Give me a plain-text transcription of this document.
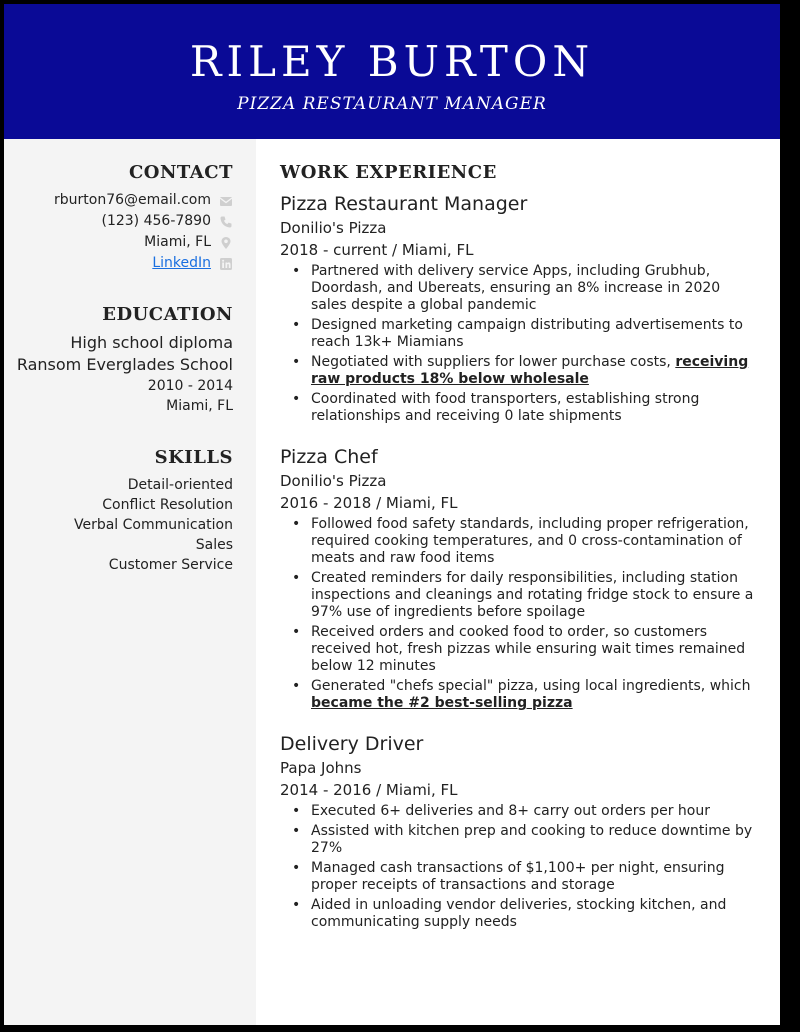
RILEY BURTON
PIZZA RESTAURANT MANAGER
CONTACT
rburton76@email.com
(123) 456-7890
Miami, FL
LinkedIn
EDUCATION
High school diploma
Ransom Everglades School
2010 - 2014
Miami, FL
SKILLS
Detail-oriented
Conflict Resolution
Verbal Communication
Sales
Customer Service
WORK EXPERIENCE
Pizza Restaurant Manager
Donilio's Pizza
2018 - current / Miami, FL
• Partnered with delivery service Apps, including Grubhub, Doordash, and Ubereats, ensuring an 8% increase in 2020 sales despite a global pandemic
• Designed marketing campaign distributing advertisements to reach 13k+ Miamians
• Negotiated with suppliers for lower purchase costs, receiving raw products 18% below wholesale
• Coordinated with food transporters, establishing strong relationships and receiving 0 late shipments
Pizza Chef
Donilio's Pizza
2016 - 2018 / Miami, FL
• Followed food safety standards, including proper refrigeration, required cooking temperatures, and 0 cross-contamination of meats and raw food items
• Created reminders for daily responsibilities, including station inspections and cleanings and rotating fridge stock to ensure a 97% use of ingredients before spoilage
• Received orders and cooked food to order, so customers received hot, fresh pizzas while ensuring wait times remained below 12 minutes
• Generated "chefs special" pizza, using local ingredients, which became the #2 best-selling pizza
Delivery Driver
Papa Johns
2014 - 2016 / Miami, FL
• Executed 6+ deliveries and 8+ carry out orders per hour
• Assisted with kitchen prep and cooking to reduce downtime by 27%
• Managed cash transactions of $1,100+ per night, ensuring proper receipts of transactions and storage
• Aided in unloading vendor deliveries, stocking kitchen, and communicating supply needs
